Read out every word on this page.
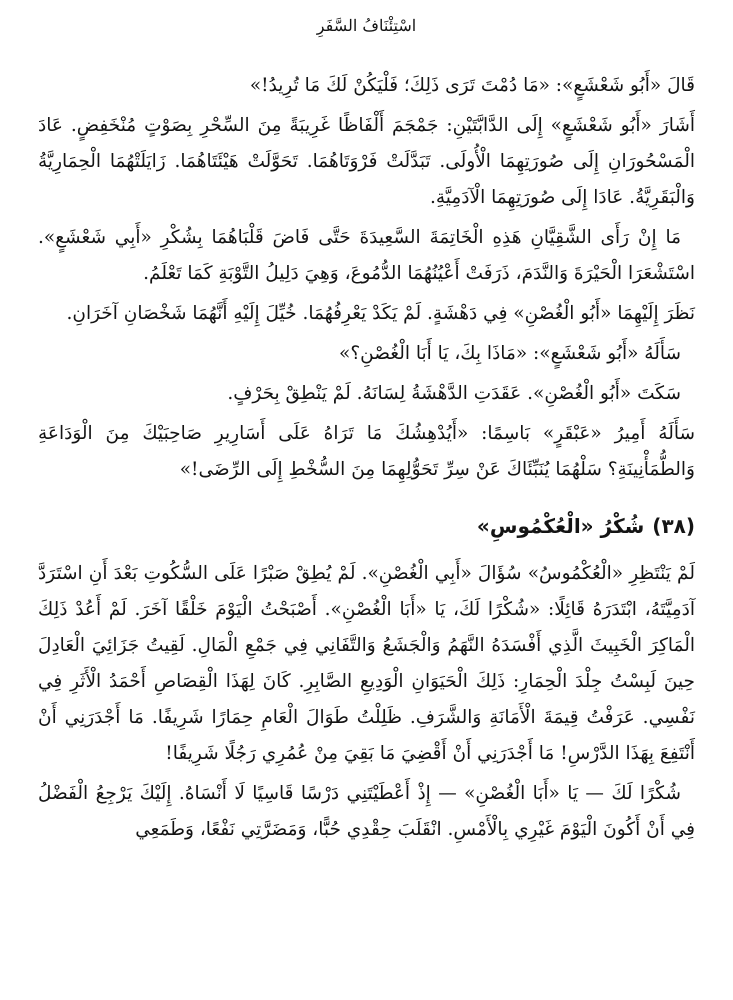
اسْتِئْنَافُ السَّفَرِ

قَالَ «أَبُو شَعْشَعٍ»: «مَا دُمْتَ تَرَى ذَلِكَ؛ فَلْيَكُنْ لَكَ مَا تُرِيدُ!»

أَشَارَ «أَبُو شَعْشَعٍ» إِلَى الدَّابَّتَيْنِ: جَمْجَمَ أَلْفَاظًا غَرِيبَةً مِنَ السِّحْرِ بِصَوْتٍ مُنْخَفِضٍ. عَادَ الْمَسْحُورَانِ إِلَى صُورَتِهِمَا الْأُولَى. تَبَدَّلَتْ فَرْوَتَاهُمَا. تَحَوَّلَتْ هَيْئَتَاهُمَا. زَايَلَتْهُمَا الْحِمَارِيَّةُ وَالْبَقَرِيَّةُ. عَادَا إِلَى صُورَتِهِمَا الْآدَمِيَّةِ.

مَا إِنْ رَأَى الشَّقِيَّانِ هَذِهِ الْخَاتِمَةَ السَّعِيدَةَ حَتَّى فَاضَ قَلْبَاهُمَا بِشُكْرِ «أَبِي شَعْشَعٍ». اسْتَشْعَرَا الْحَيْرَةَ وَالنَّدَمَ، ذَرَفَتْ أَعْيُنُهُمَا الدُّمُوعَ، وَهِيَ دَلِيلُ التَّوْبَةِ كَمَا تَعْلَمُ.

نَظَرَ إِلَيْهِمَا «أَبُو الْغُصْنِ» فِي دَهْشَةٍ. لَمْ يَكَدْ يَعْرِفُهُمَا. خُيِّلَ إِلَيْهِ أَنَّهُمَا شَخْصَانِ آخَرَانِ.

سَأَلَهُ «أَبُو شَعْشَعٍ»: «مَاذَا بِكَ، يَا أَبَا الْغُصْنِ؟»

سَكَتَ «أَبُو الْغُصْنِ». عَقَدَتِ الدَّهْشَةُ لِسَانَهُ. لَمْ يَنْطِقْ بِحَرْفٍ.

سَأَلَهُ أَمِيرُ «عَبْقَرٍ» بَاسِمًا: «أَيُدْهِشُكَ مَا تَرَاهُ عَلَى أَسَارِيرِ صَاحِبَيْكَ مِنَ الْوَدَاعَةِ وَالطُّمَأْنِينَةِ؟ سَلْهُمَا يُنَبِّئَاكَ عَنْ سِرِّ تَحَوُّلِهِمَا مِنَ السُّخْطِ إِلَى الرِّضَى!»

(٣٨)شُكْرُ «الْعُكْمُوسِ»

لَمْ يَنْتَظِرِ «الْعُكْمُوسُ» سُؤَالَ «أَبِي الْغُصْنِ». لَمْ يُطِقْ صَبْرًا عَلَى السُّكُوتِ بَعْدَ أَنِ اسْتَرَدَّ آدَمِيَّتَهُ، ابْتَدَرَهُ قَائِلًا: «شُكْرًا لَكَ، يَا «أَبَا الْغُصْنِ». أَصْبَحْتُ الْيَوْمَ خَلْقًا آخَرَ. لَمْ أَعُدْ ذَلِكَ الْمَاكِرَ الْخَبِيثَ الَّذِي أَفْسَدَهُ النَّهَمُ وَالْجَشَعُ وَالتَّفَانِي فِي جَمْعِ الْمَالِ. لَقِيتُ جَزَائِيَ الْعَادِلَ حِينَ لَبِسْتُ جِلْدَ الْحِمَارِ: ذَلِكَ الْحَيَوَانِ الْوَدِيعِ الصَّابِرِ. كَانَ لِهَذَا الْقِصَاصِ أَحْمَدُ الْأَثَرِ فِي نَفْسِي. عَرَفْتُ قِيمَةَ الْأَمَانَةِ وَالشَّرَفِ. ظَلِلْتُ طَوَالَ الْعَامِ حِمَارًا شَرِيفًا. مَا أَجْدَرَنِي أَنْ أَنْتَفِعَ بِهَذَا الدَّرْسِ! مَا أَجْدَرَنِي أَنْ أَقْضِيَ مَا بَقِيَ مِنْ عُمُرِي رَجُلًا شَرِيفًا!

شُكْرًا لَكَ — يَا «أَبَا الْغُصْنِ» — إِذْ أَعْطَيْتَنِي دَرْسًا قَاسِيًا لَا أَنْسَاهُ. إِلَيْكَ يَرْجِعُ الْفَضْلُ فِي أَنْ أَكُونَ الْيَوْمَ غَيْرِي بِالْأَمْسِ. انْقَلَبَ حِقْدِي حُبًّا، وَمَضَرَّتِي نَفْعًا، وَطَمَعِي
